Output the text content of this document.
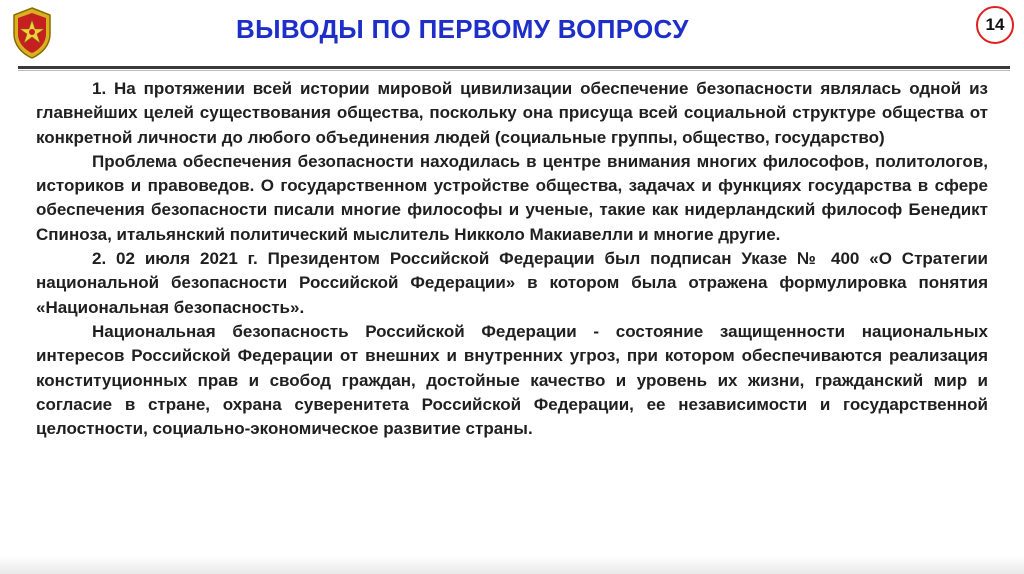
ВЫВОДЫ ПО ПЕРВОМУ ВОПРОСУ	14

1. На протяжении всей истории мировой цивилизации обеспечение безопасности являлась одной из главнейших целей существования общества, поскольку она присуща всей социальной структуре общества от конкретной личности до любого объединения людей (социальные группы, общество, государство)

Проблема обеспечения безопасности находилась в центре внимания многих философов, политологов, историков и правоведов. О государственном устройстве общества, задачах и функциях государства в сфере обеспечения безопасности писали многие философы и ученые, такие как нидерландский философ Бенедикт Спиноза, итальянский политический мыслитель Никколо Макиавелли и многие другие.

2. 02 июля 2021 г. Президентом Российской Федерации был подписан Указе № 400 «О Стратегии национальной безопасности Российской Федерации» в котором была отражена формулировка понятия «Национальная безопасность».

Национальная безопасность Российской Федерации - состояние защищенности национальных интересов Российской Федерации от внешних и внутренних угроз, при котором обеспечиваются реализация конституционных прав и свобод граждан, достойные качество и уровень их жизни, гражданский мир и согласие в стране, охрана суверенитета Российской Федерации, ее независимости и государственной целостности, социально-экономическое развитие страны.
